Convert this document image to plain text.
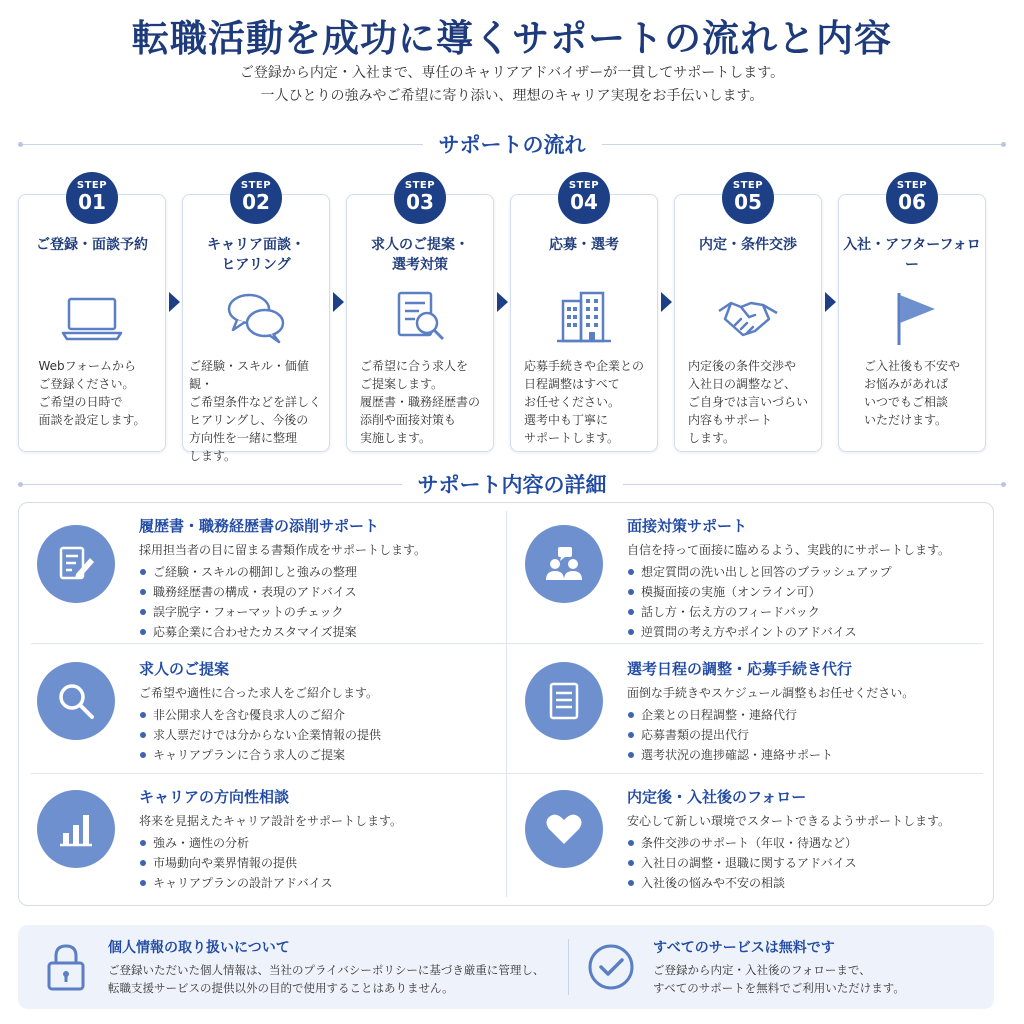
転職活動を成功に導くサポートの流れと内容
ご登録から内定・入社まで、専任のキャリアアドバイザーが一貫してサポートします。
一人ひとりの強みやご希望に寄り添い、理想のキャリア実現をお手伝いします。
サポートの流れ
ご登録・面談予約
Webフォームから
ご登録ください。
ご希望の日時で
面談を設定します。
キャリア面談・
ヒアリング
ご経験・スキル・価値観・
ご希望条件などを詳しく
ヒアリングし、今後の
方向性を一緒に整理
します。
求人のご提案・
選考対策
ご希望に合う求人を
ご提案します。
履歴書・職務経歴書の
添削や面接対策も
実施します。
応募・選考
応募手続きや企業との
日程調整はすべて
お任せください。
選考中も丁寧に
サポートします。
内定・条件交渉
内定後の条件交渉や
入社日の調整など、
ご自身では言いづらい
内容もサポート
します。
入社・アフターフォロー
ご入社後も不安や
お悩みがあれば
いつでもご相談
いただけます。
STEP
01
STEP
02
STEP
03
STEP
04
STEP
05
STEP
06
サポート内容の詳細
履歴書・職務経歴書の添削サポート

採用担当者の目に留まる書類作成をサポートします。

ご経験・スキルの棚卸しと強みの整理
職務経歴書の構成・表現のアドバイス
誤字脱字・フォーマットのチェック
応募企業に合わせたカスタマイズ提案
面接対策サポート

自信を持って面接に臨めるよう、実践的にサポートします。

想定質問の洗い出しと回答のブラッシュアップ
模擬面接の実施（オンライン可）
話し方・伝え方のフィードバック
逆質問の考え方やポイントのアドバイス
求人のご提案

ご希望や適性に合った求人をご紹介します。

非公開求人を含む優良求人のご紹介
求人票だけでは分からない企業情報の提供
キャリアプランに合う求人のご提案
選考日程の調整・応募手続き代行

面倒な手続きやスケジュール調整もお任せください。

企業との日程調整・連絡代行
応募書類の提出代行
選考状況の進捗確認・連絡サポート
キャリアの方向性相談

将来を見据えたキャリア設計をサポートします。

強み・適性の分析
市場動向や業界情報の提供
キャリアプランの設計アドバイス
内定後・入社後のフォロー

安心して新しい環境でスタートできるようサポートします。

条件交渉のサポート（年収・待遇など）
入社日の調整・退職に関するアドバイス
入社後の悩みや不安の相談
個人情報の取り扱いについて
ご登録いただいた個人情報は、当社のプライバシーポリシーに基づき厳重に管理し、
転職支援サービスの提供以外の目的で使用することはありません。
すべてのサービスは無料です
ご登録から内定・入社後のフォローまで、
すべてのサポートを無料でご利用いただけます。
